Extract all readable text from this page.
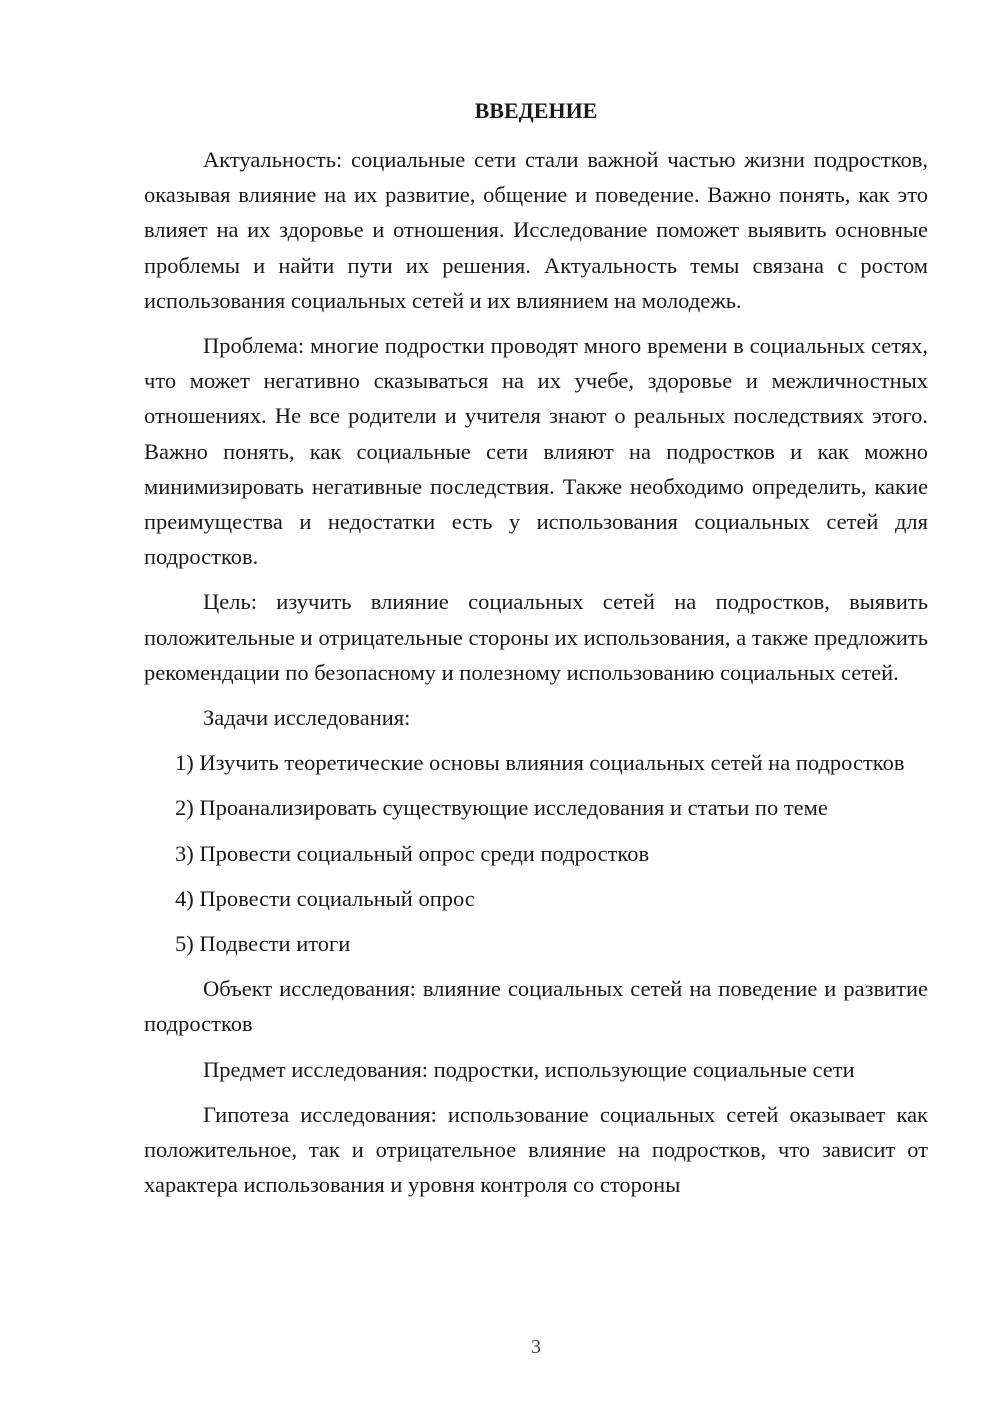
ВВЕДЕНИЕ

Актуальность: социальные сети стали важной частью жизни подростков, оказывая влияние на их развитие, общение и поведение. Важно понять, как это влияет на их здоровье и отношения. Исследование поможет выявить основные проблемы и найти пути их решения. Актуальность темы связана с ростом использования социальных сетей и их влиянием на молодежь.

Проблема: многие подростки проводят много времени в социальных сетях, что может негативно сказываться на их учебе, здоровье и межличностных отношениях. Не все родители и учителя знают о реальных последствиях этого. Важно понять, как социальные сети влияют на подростков и как можно минимизировать негативные последствия. Также необходимо определить, какие преимущества и недостатки есть у использования социальных сетей для подростков.

Цель: изучить влияние социальных сетей на подростков, выявить положительные и отрицательные стороны их использования, а также предложить рекомендации по безопасному и полезному использованию социальных сетей.

Задачи исследования:

1) Изучить теоретические основы влияния социальных сетей на подростков

2) Проанализировать существующие исследования и статьи по теме

3) Провести социальный опрос среди подростков

4) Провести социальный опрос

5) Подвести итоги

Объект исследования: влияние социальных сетей на поведение и развитие подростков

Предмет исследования: подростки, использующие социальные сети

Гипотеза исследования: использование социальных сетей оказывает как положительное, так и отрицательное влияние на подростков, что зависит от характера использования и уровня контроля со стороны

3
